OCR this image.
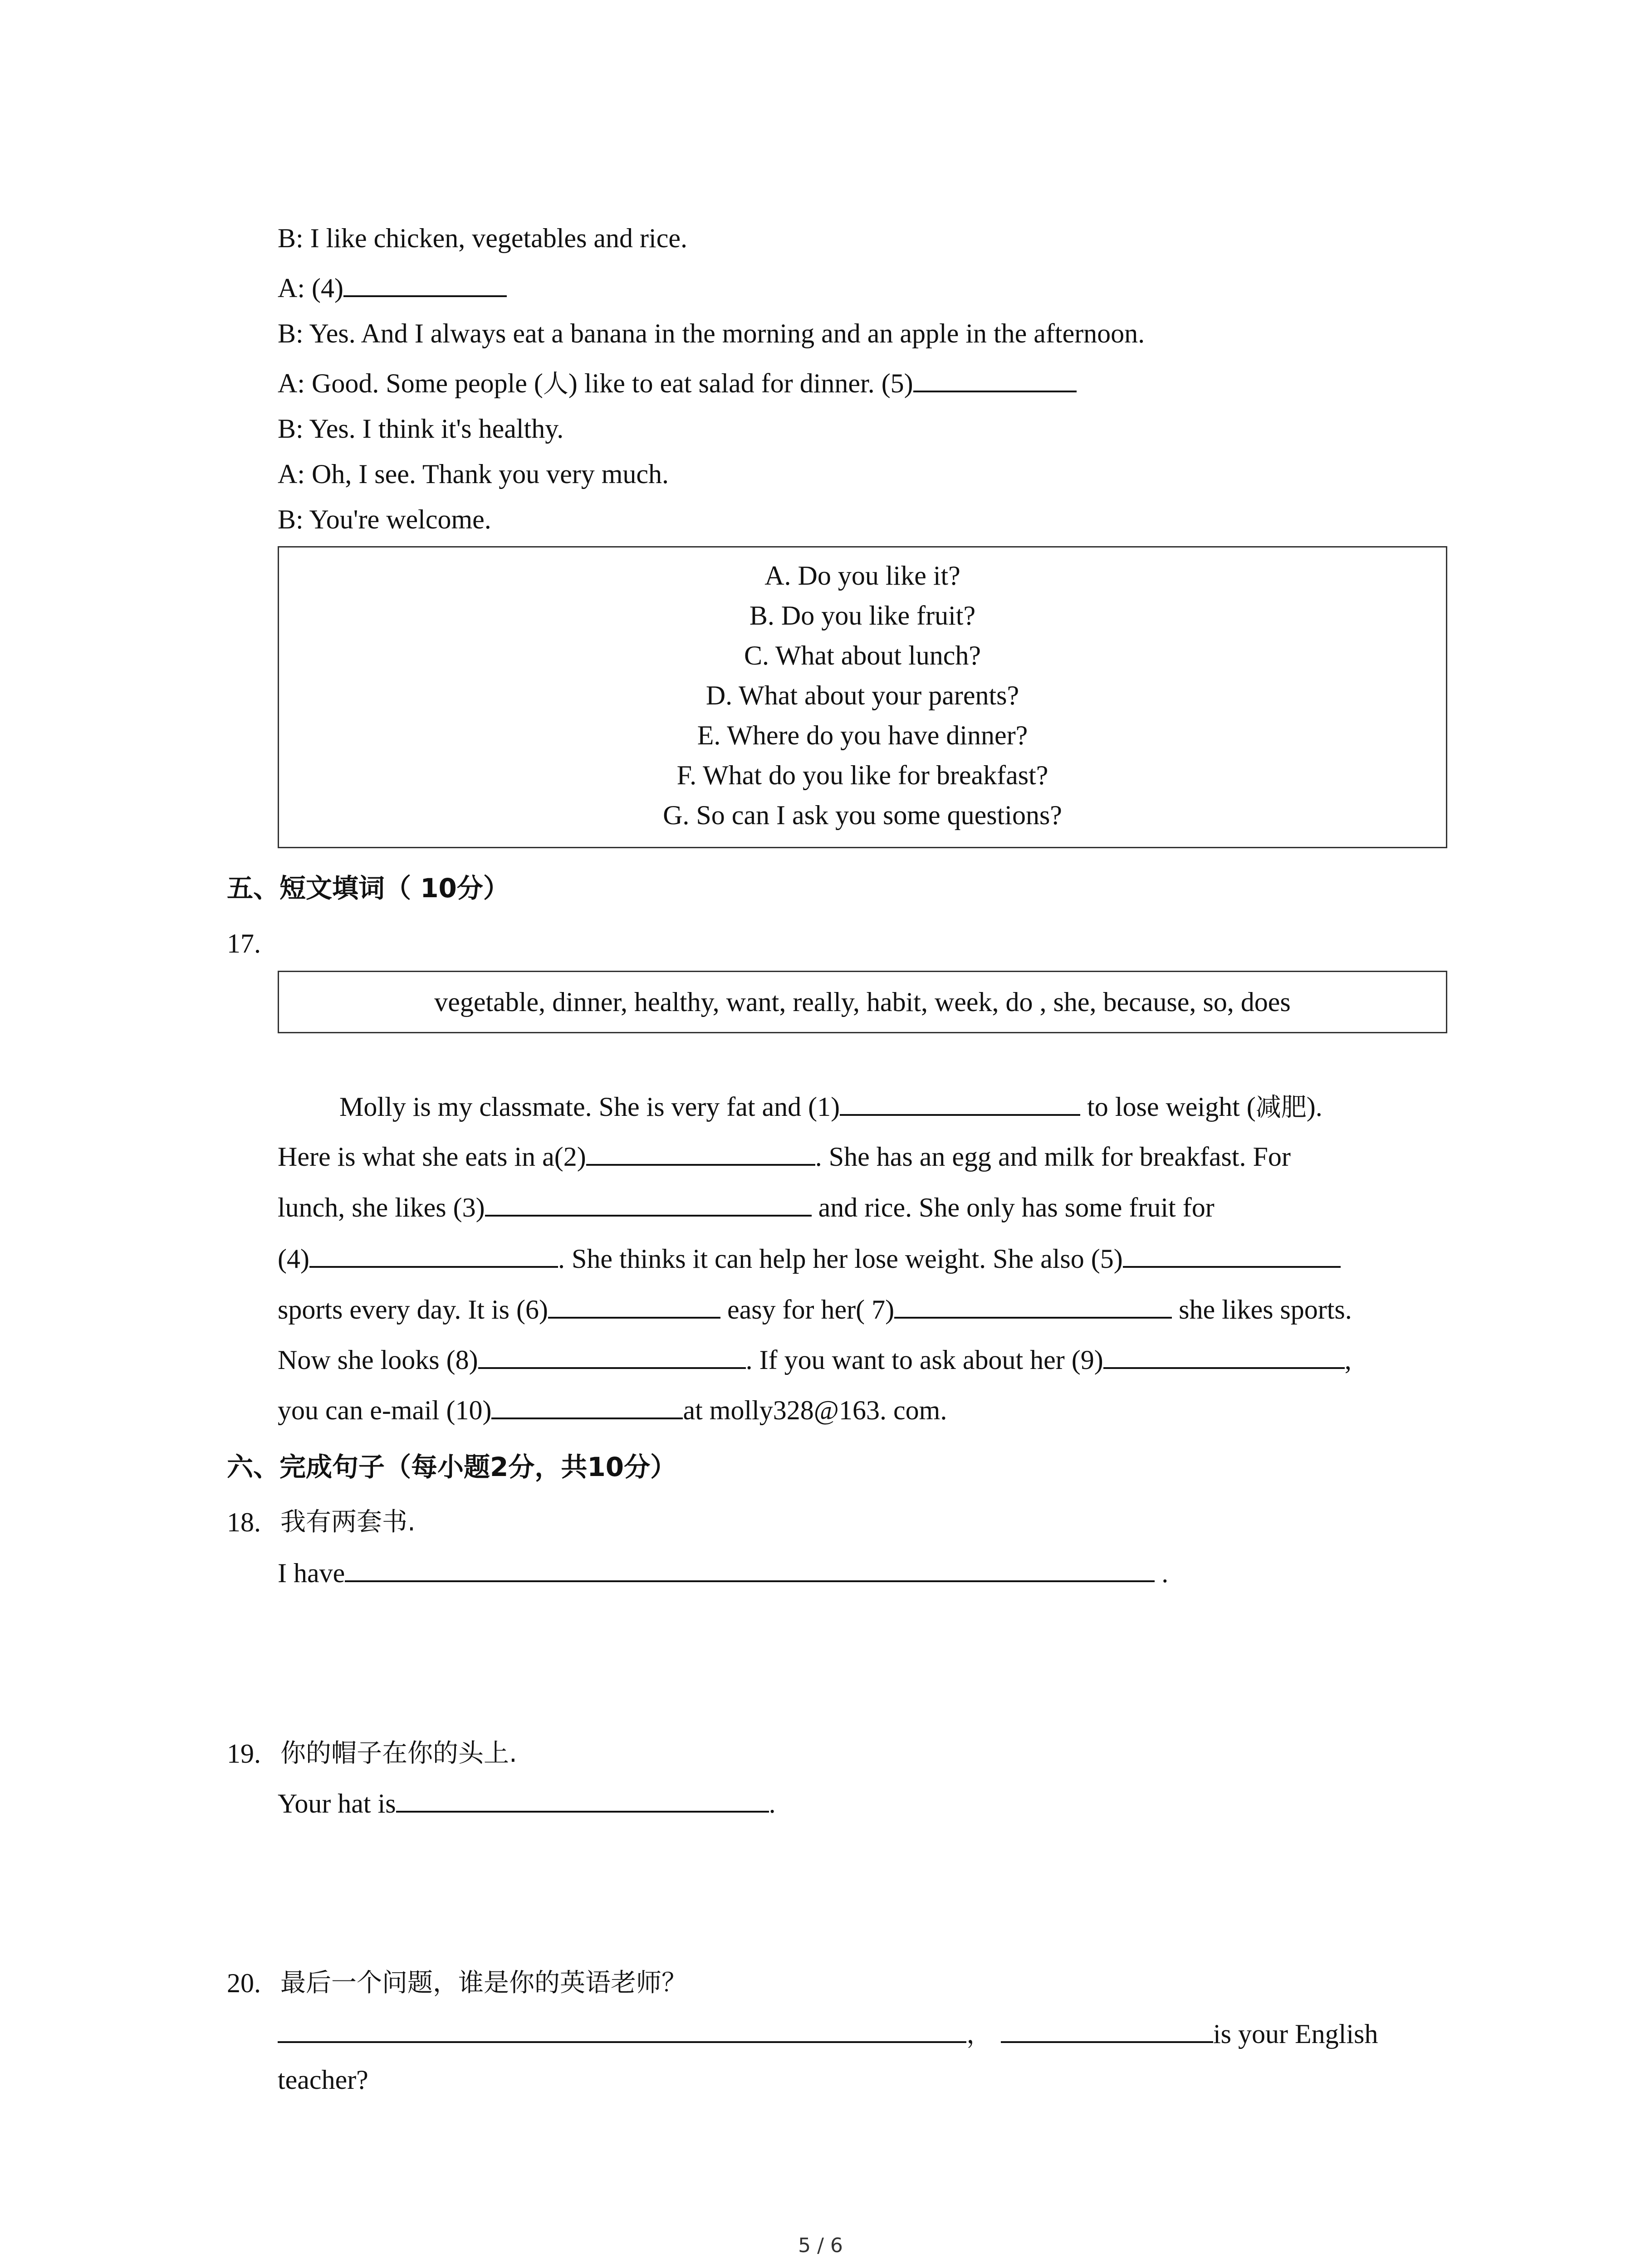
B: I like chicken, vegetables and rice.
A: (4)
B: Yes. And I always eat a banana in the morning and an apple in the afternoon.
A: Good. Some people (人) like to eat salad for dinner. (5)
B: Yes. I think it's healthy.
A: Oh, I see. Thank you very much.
B: You're welcome.
A. Do you like it?
B. Do you like fruit?
C. What about lunch?
D. What about your parents?
E. Where do you have dinner?
F. What do you like for breakfast?
G. So can I ask you some questions?
五、短文填词（ 10分）
17.
vegetable, dinner, healthy, want, really, habit, week, do , she, because, so, does
Molly is my classmate. She is very fat and (1)	to lose weight (减肥).
Here is what she eats in a(2)	. She has an egg and milk for breakfast. For
lunch, she likes (3)	and rice. She only has some fruit for
(4)	. She thinks it can help her lose weight. She also (5)
sports every day. It is (6)	easy for her( 7)	she likes sports.
Now she looks (8)	. If you want to ask about her (9)	,
you can e-mail (10)	at molly328@163. com.
六、完成句子（每小题2分，共10分）
18. 我有两套书.
I have	.
19. 你的帽子在你的头上.
Your hat is	.
20. 最后一个问题，谁是你的英语老师？
，	is your English
teacher?
5 / 6
